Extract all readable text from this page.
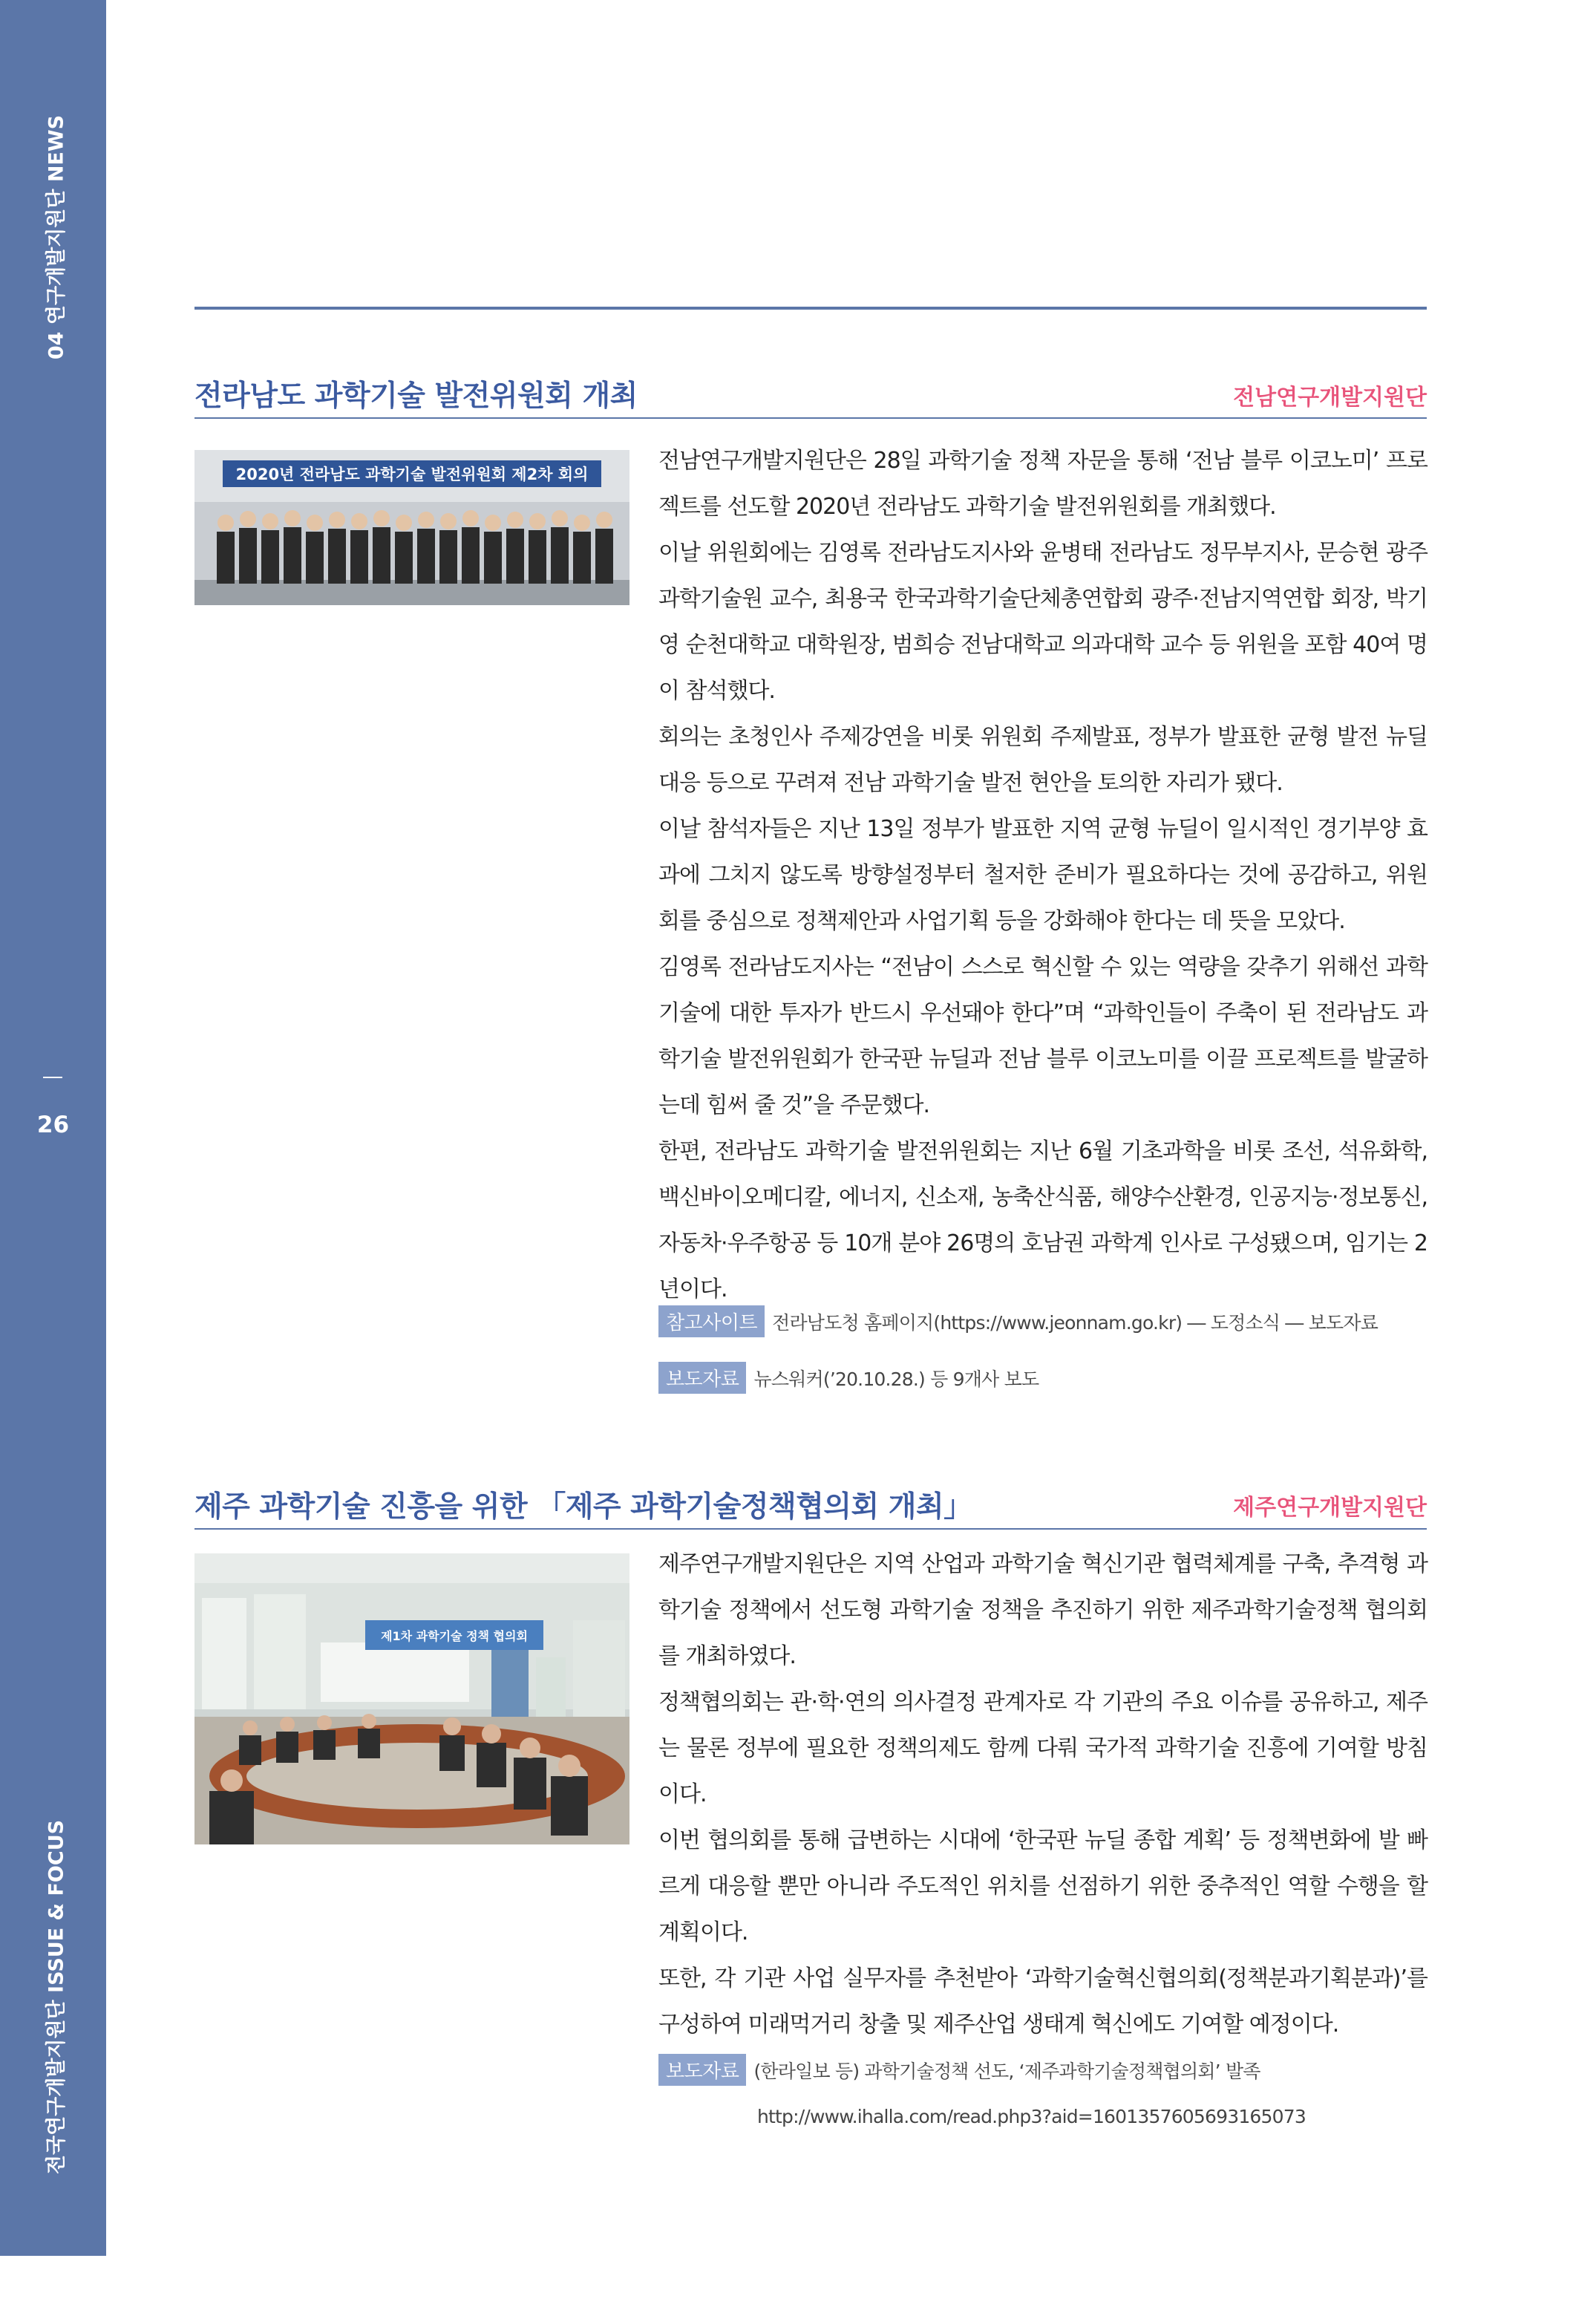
04 연구개발지원단 NEWS
26
전국연구개발지원단 ISSUE & FOCUS
전라남도 과학기술 발전위원회 개최	전남연구개발지원단
2020년 전라남도 과학기술 발전위원회 제2차 회의

전남연구개발지원단은 28일 과학기술 정책 자문을 통해 ‘전남 블루 이코노미’ 프로젝트를 선도할 2020년 전라남도 과학기술 발전위원회를 개최했다.

이날 위원회에는 김영록 전라남도지사와 윤병태 전라남도 정무부지사, 문승현 광주과학기술원 교수, 최용국 한국과학기술단체총연합회 광주·전남지역연합 회장, 박기영 순천대학교 대학원장, 범희승 전남대학교 의과대학 교수 등 위원을 포함 40여 명이 참석했다.

회의는 초청인사 주제강연을 비롯 위원회 주제발표, 정부가 발표한 균형 발전 뉴딜 대응 등으로 꾸려져 전남 과학기술 발전 현안을 토의한 자리가 됐다.

이날 참석자들은 지난 13일 정부가 발표한 지역 균형 뉴딜이 일시적인 경기부양 효과에 그치지 않도록 방향설정부터 철저한 준비가 필요하다는 것에 공감하고, 위원회를 중심으로 정책제안과 사업기획 등을 강화해야 한다는 데 뜻을 모았다.

김영록 전라남도지사는 “전남이 스스로 혁신할 수 있는 역량을 갖추기 위해선 과학기술에 대한 투자가 반드시 우선돼야 한다”며 “과학인들이 주축이 된 전라남도 과학기술 발전위원회가 한국판 뉴딜과 전남 블루 이코노미를 이끌 프로젝트를 발굴하는데 힘써 줄 것”을 주문했다.

한편, 전라남도 과학기술 발전위원회는 지난 6월 기초과학을 비롯 조선, 석유화학, 백신바이오메디칼, 에너지, 신소재, 농축산식품, 해양수산환경, 인공지능·정보통신, 자동차·우주항공 등 10개 분야 26명의 호남권 과학계 인사로 구성됐으며, 임기는 2년이다.

참고사이트 전라남도청 홈페이지(https://www.jeonnam.go.kr) ― 도정소식 ― 보도자료
보도자료 뉴스워커(’20.10.28.) 등 9개사 보도
제주 과학기술 진흥을 위한 「제주 과학기술정책협의회 개최」	제주연구개발지원단
제1차 과학기술 정책 협의회

제주연구개발지원단은 지역 산업과 과학기술 혁신기관 협력체계를 구축, 추격형 과학기술 정책에서 선도형 과학기술 정책을 추진하기 위한 제주과학기술정책 협의회를 개최하였다.

정책협의회는 관·학·연의 의사결정 관계자로 각 기관의 주요 이슈를 공유하고, 제주는 물론 정부에 필요한 정책의제도 함께 다뤄 국가적 과학기술 진흥에 기여할 방침이다.

이번 협의회를 통해 급변하는 시대에 ‘한국판 뉴딜 종합 계획’ 등 정책변화에 발 빠르게 대응할 뿐만 아니라 주도적인 위치를 선점하기 위한 중추적인 역할 수행을 할 계획이다.

또한, 각 기관 사업 실무자를 추천받아 ‘과학기술혁신협의회(정책분과기획분과)’를 구성하여 미래먹거리 창출 및 제주산업 생태계 혁신에도 기여할 예정이다.

보도자료 (한라일보 등) 과학기술정책 선도, ‘제주과학기술정책협의회’ 발족
http://www.ihalla.com/read.php3?aid=1601357605693165073
